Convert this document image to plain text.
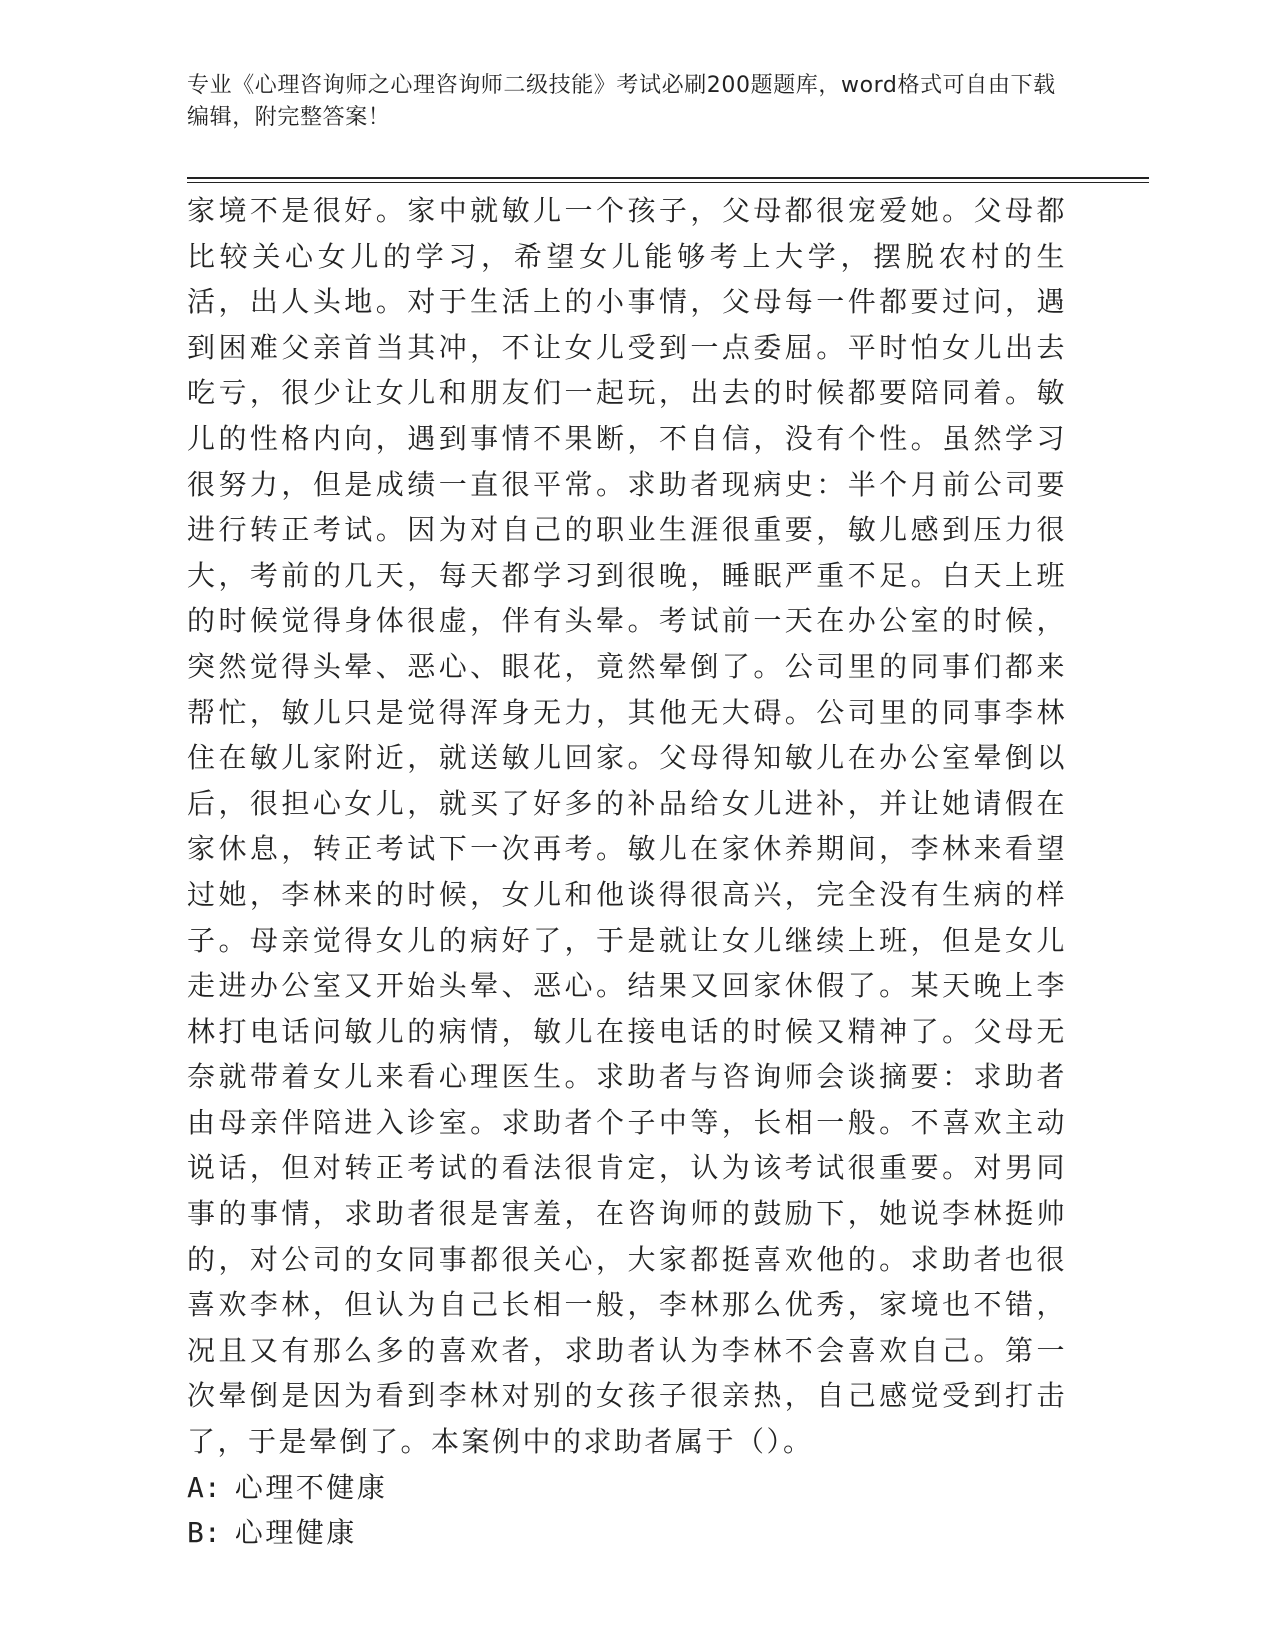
专业《心理咨询师之心理咨询师二级技能》考试必刷200题题库，word格式可自由下载编辑，附完整答案！

家境不是很好。家中就敏儿一个孩子，父母都很宠爱她。父母都比较关心女儿的学习，希望女儿能够考上大学，摆脱农村的生活，出人头地。对于生活上的小事情，父母每一件都要过问，遇到困难父亲首当其冲，不让女儿受到一点委屈。平时怕女儿出去吃亏，很少让女儿和朋友们一起玩，出去的时候都要陪同着。敏儿的性格内向，遇到事情不果断，不自信，没有个性。虽然学习很努力，但是成绩一直很平常。求助者现病史：半个月前公司要进行转正考试。因为对自己的职业生涯很重要，敏儿感到压力很大，考前的几天，每天都学习到很晚，睡眠严重不足。白天上班的时候觉得身体很虚，伴有头晕。考试前一天在办公室的时候，突然觉得头晕、恶心、眼花，竟然晕倒了。公司里的同事们都来帮忙，敏儿只是觉得浑身无力，其他无大碍。公司里的同事李林住在敏儿家附近，就送敏儿回家。父母得知敏儿在办公室晕倒以后，很担心女儿，就买了好多的补品给女儿进补，并让她请假在家休息，转正考试下一次再考。敏儿在家休养期间，李林来看望过她，李林来的时候，女儿和他谈得很高兴，完全没有生病的样子。母亲觉得女儿的病好了，于是就让女儿继续上班，但是女儿走进办公室又开始头晕、恶心。结果又回家休假了。某天晚上李林打电话问敏儿的病情，敏儿在接电话的时候又精神了。父母无奈就带着女儿来看心理医生。求助者与咨询师会谈摘要：求助者由母亲伴陪进入诊室。求助者个子中等，长相一般。不喜欢主动说话，但对转正考试的看法很肯定，认为该考试很重要。对男同事的事情，求助者很是害羞，在咨询师的鼓励下，她说李林挺帅的，对公司的女同事都很关心，大家都挺喜欢他的。求助者也很喜欢李林，但认为自己长相一般，李林那么优秀，家境也不错，况且又有那么多的喜欢者，求助者认为李林不会喜欢自己。第一次晕倒是因为看到李林对别的女孩子很亲热，自己感觉受到打击了，于是晕倒了。本案例中的求助者属于（）。

A: 心理不健康
B: 心理健康
